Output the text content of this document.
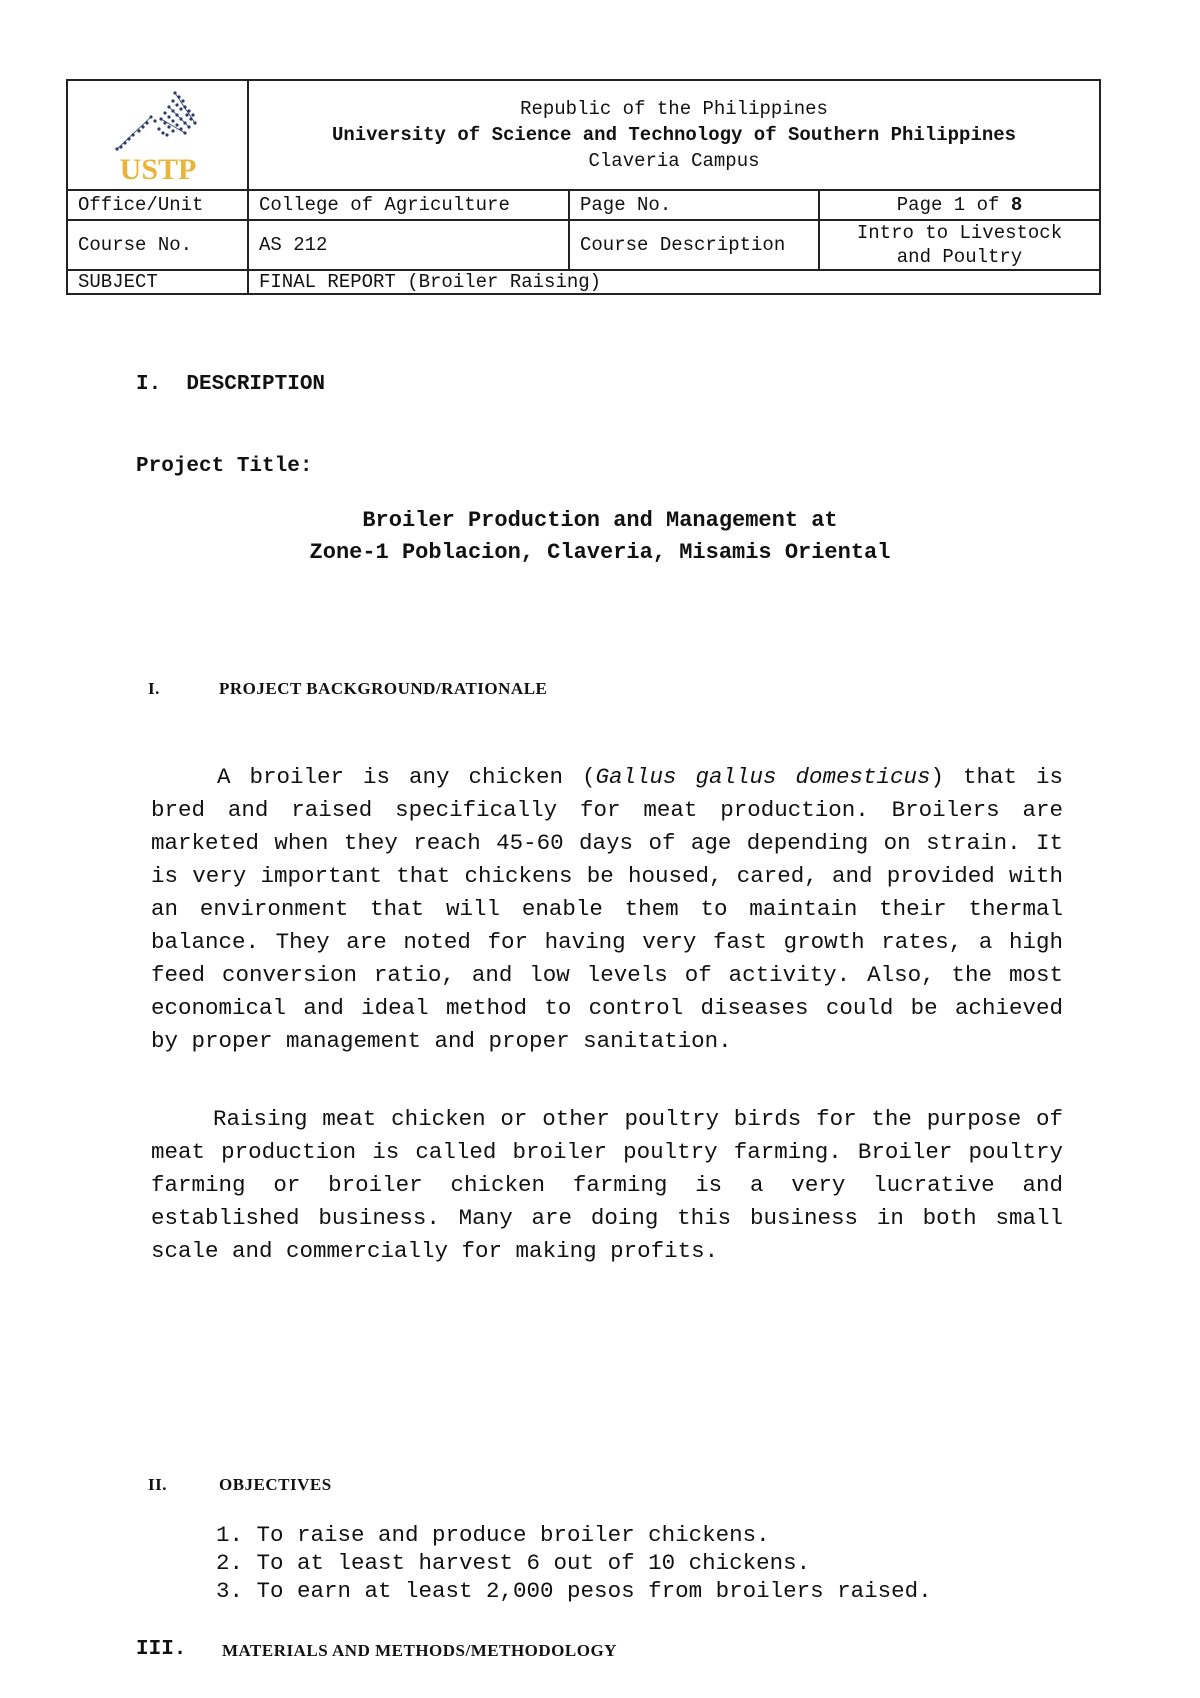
USTP	Republic of the Philippines
University of Science and Technology of Southern Philippines
Claveria Campus		

Office/Unit	College of Agriculture	Page No.	Page 1 of 8
Course No.	AS 212	Course Description	Intro to Livestock
and Poultry

SUBJECT	FINAL REPORT (Broiler Raising)		
I.  DESCRIPTION
Project Title:
Broiler Production and Management at
Zone-1 Poblacion, Claveria, Misamis Oriental
I.	PROJECT BACKGROUND/RATIONALE

A broiler is any chicken (Gallus gallus domesticus) that is bred and raised specifically for meat production. Broilers are marketed when they reach 45-60 days of age depending on strain. It is very important that chickens be housed, cared, and provided with an environment that will enable them to maintain their thermal balance. They are noted for having very fast growth rates, a high feed conversion ratio, and low levels of activity. Also, the most economical and ideal method to control diseases could be achieved by proper management and proper sanitation.

Raising meat chicken or other poultry birds for the purpose of meat production is called broiler poultry farming. Broiler poultry farming or broiler chicken farming is a very lucrative and established business. Many are doing this business in both small scale and commercially for making profits.

II.	OBJECTIVES
1. To raise and produce broiler chickens.
2. To at least harvest 6 out of 10 chickens.
3. To earn at least 2,000 pesos from broilers raised.
III. MATERIALS AND METHODS/METHODOLOGY
